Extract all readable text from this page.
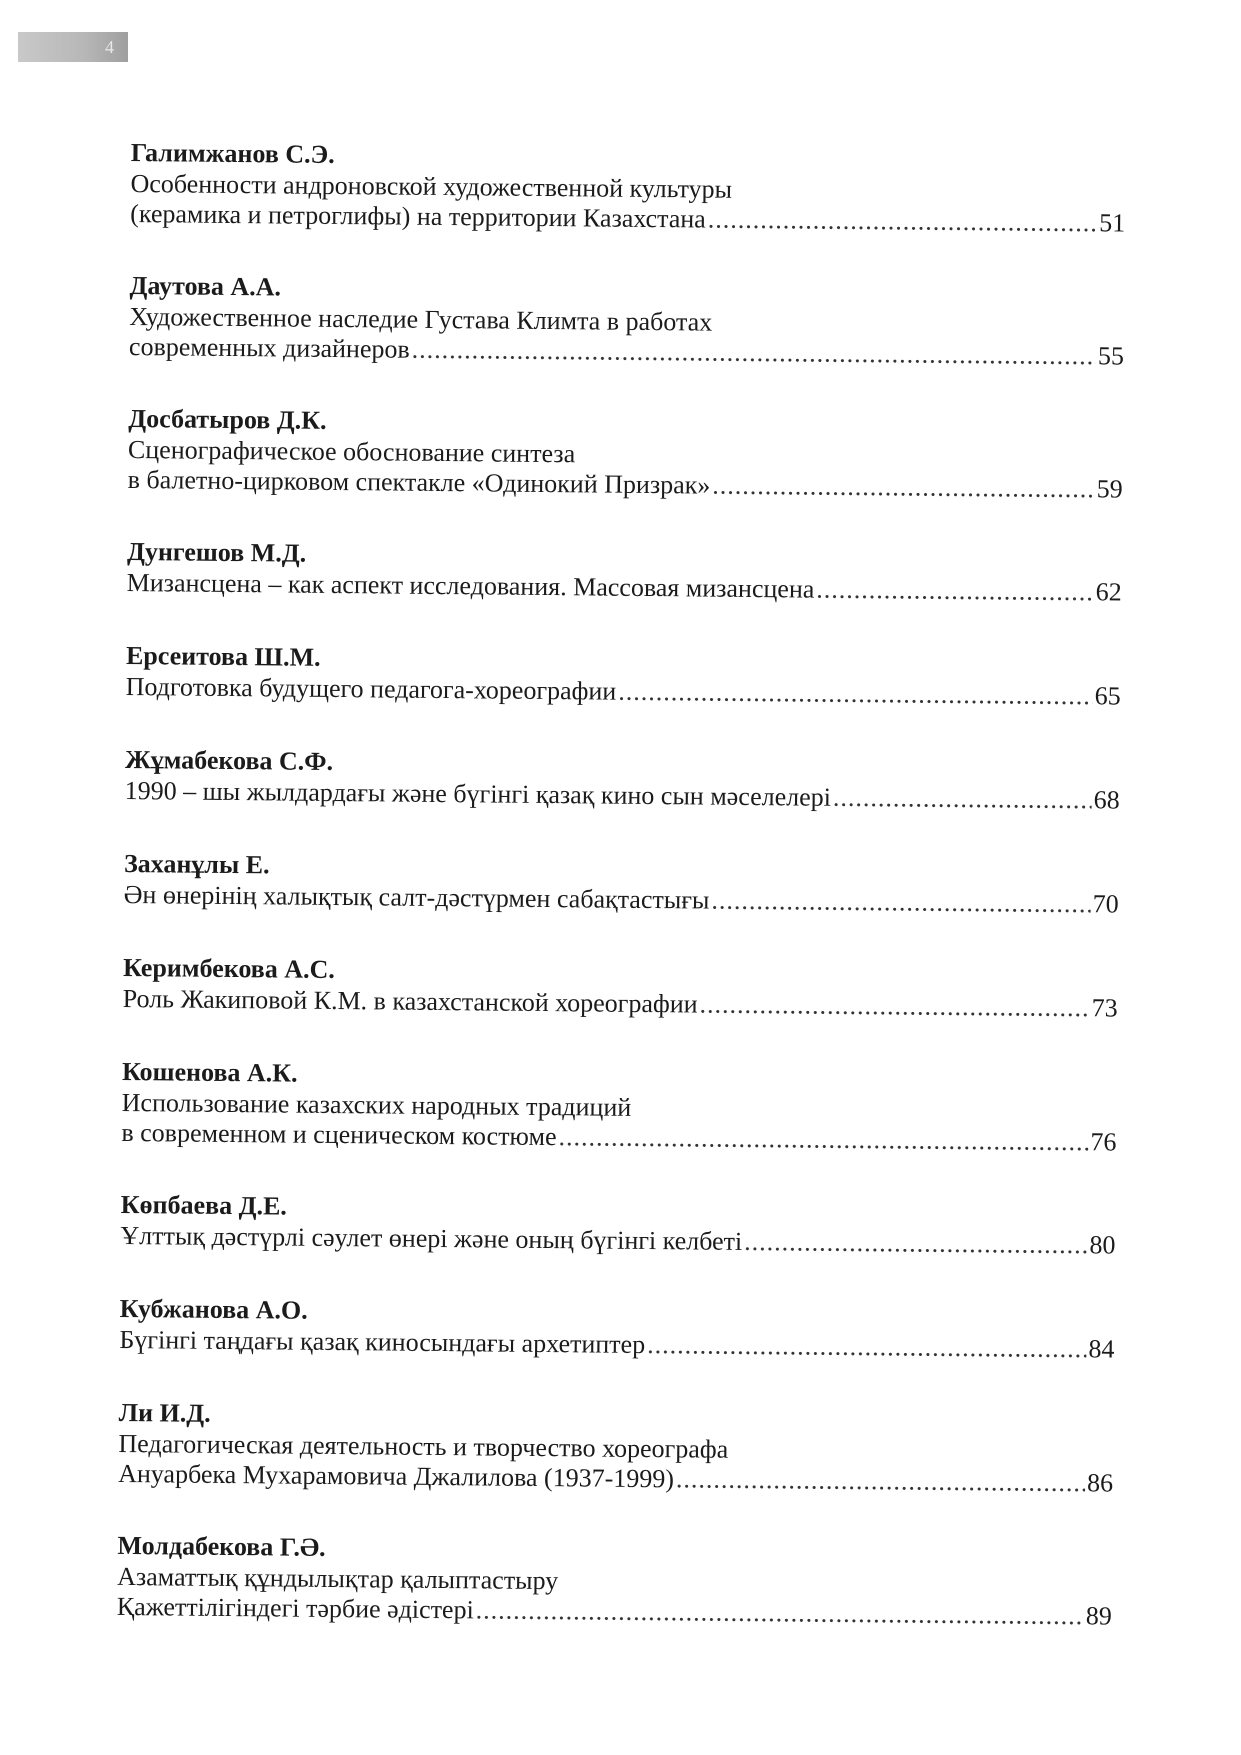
4
Галимжанов С.Э.
Особенности андроновской художественной культуры
(керамика и петроглифы) на территории Казахстана .....	51
Даутова А.А.
Художественное наследие Густава Климта в работах
современных дизайнеров .....	55
Досбатыров Д.К.
Сценографическое обоснование синтеза
в балетно-цирковом спектакле «Одинокий Призрак» .....	59
Дунгешов М.Д.
Мизансцена – как аспект исследования. Массовая мизансцена .....	62
Ерсеитова Ш.М.
Подготовка будущего педагога-хореографии .....	65
Жұмабекова С.Ф.
1990 – шы жылдардағы және бүгінгі қазақ кино сын мәселелері .....	68
Заханұлы Е.
Ән өнерінің халықтық салт-дәстүрмен сабақтастығы .....	70
Керимбекова А.С.
Роль Жакиповой К.М. в казахстанской хореографии .....	73
Кошенова А.К.
Использование казахских народных традиций
в современном и сценическом костюме .....	76
Көпбаева Д.Е.
Ұлттық дәстүрлі сәулет өнері және оның бүгінгі келбеті .....	80
Кубжанова А.О.
Бүгінгі таңдағы қазақ киносындағы архетиптер .....	84
Ли И.Д.
Педагогическая деятельность и творчество хореографа
Ануарбека Мухарамовича Джалилова (1937-1999) .....	86
Молдабекова Г.Ә.
Азаматтық құндылықтар қалыптастыру
Қажеттілігіндегі тәрбие әдістері .....	89
